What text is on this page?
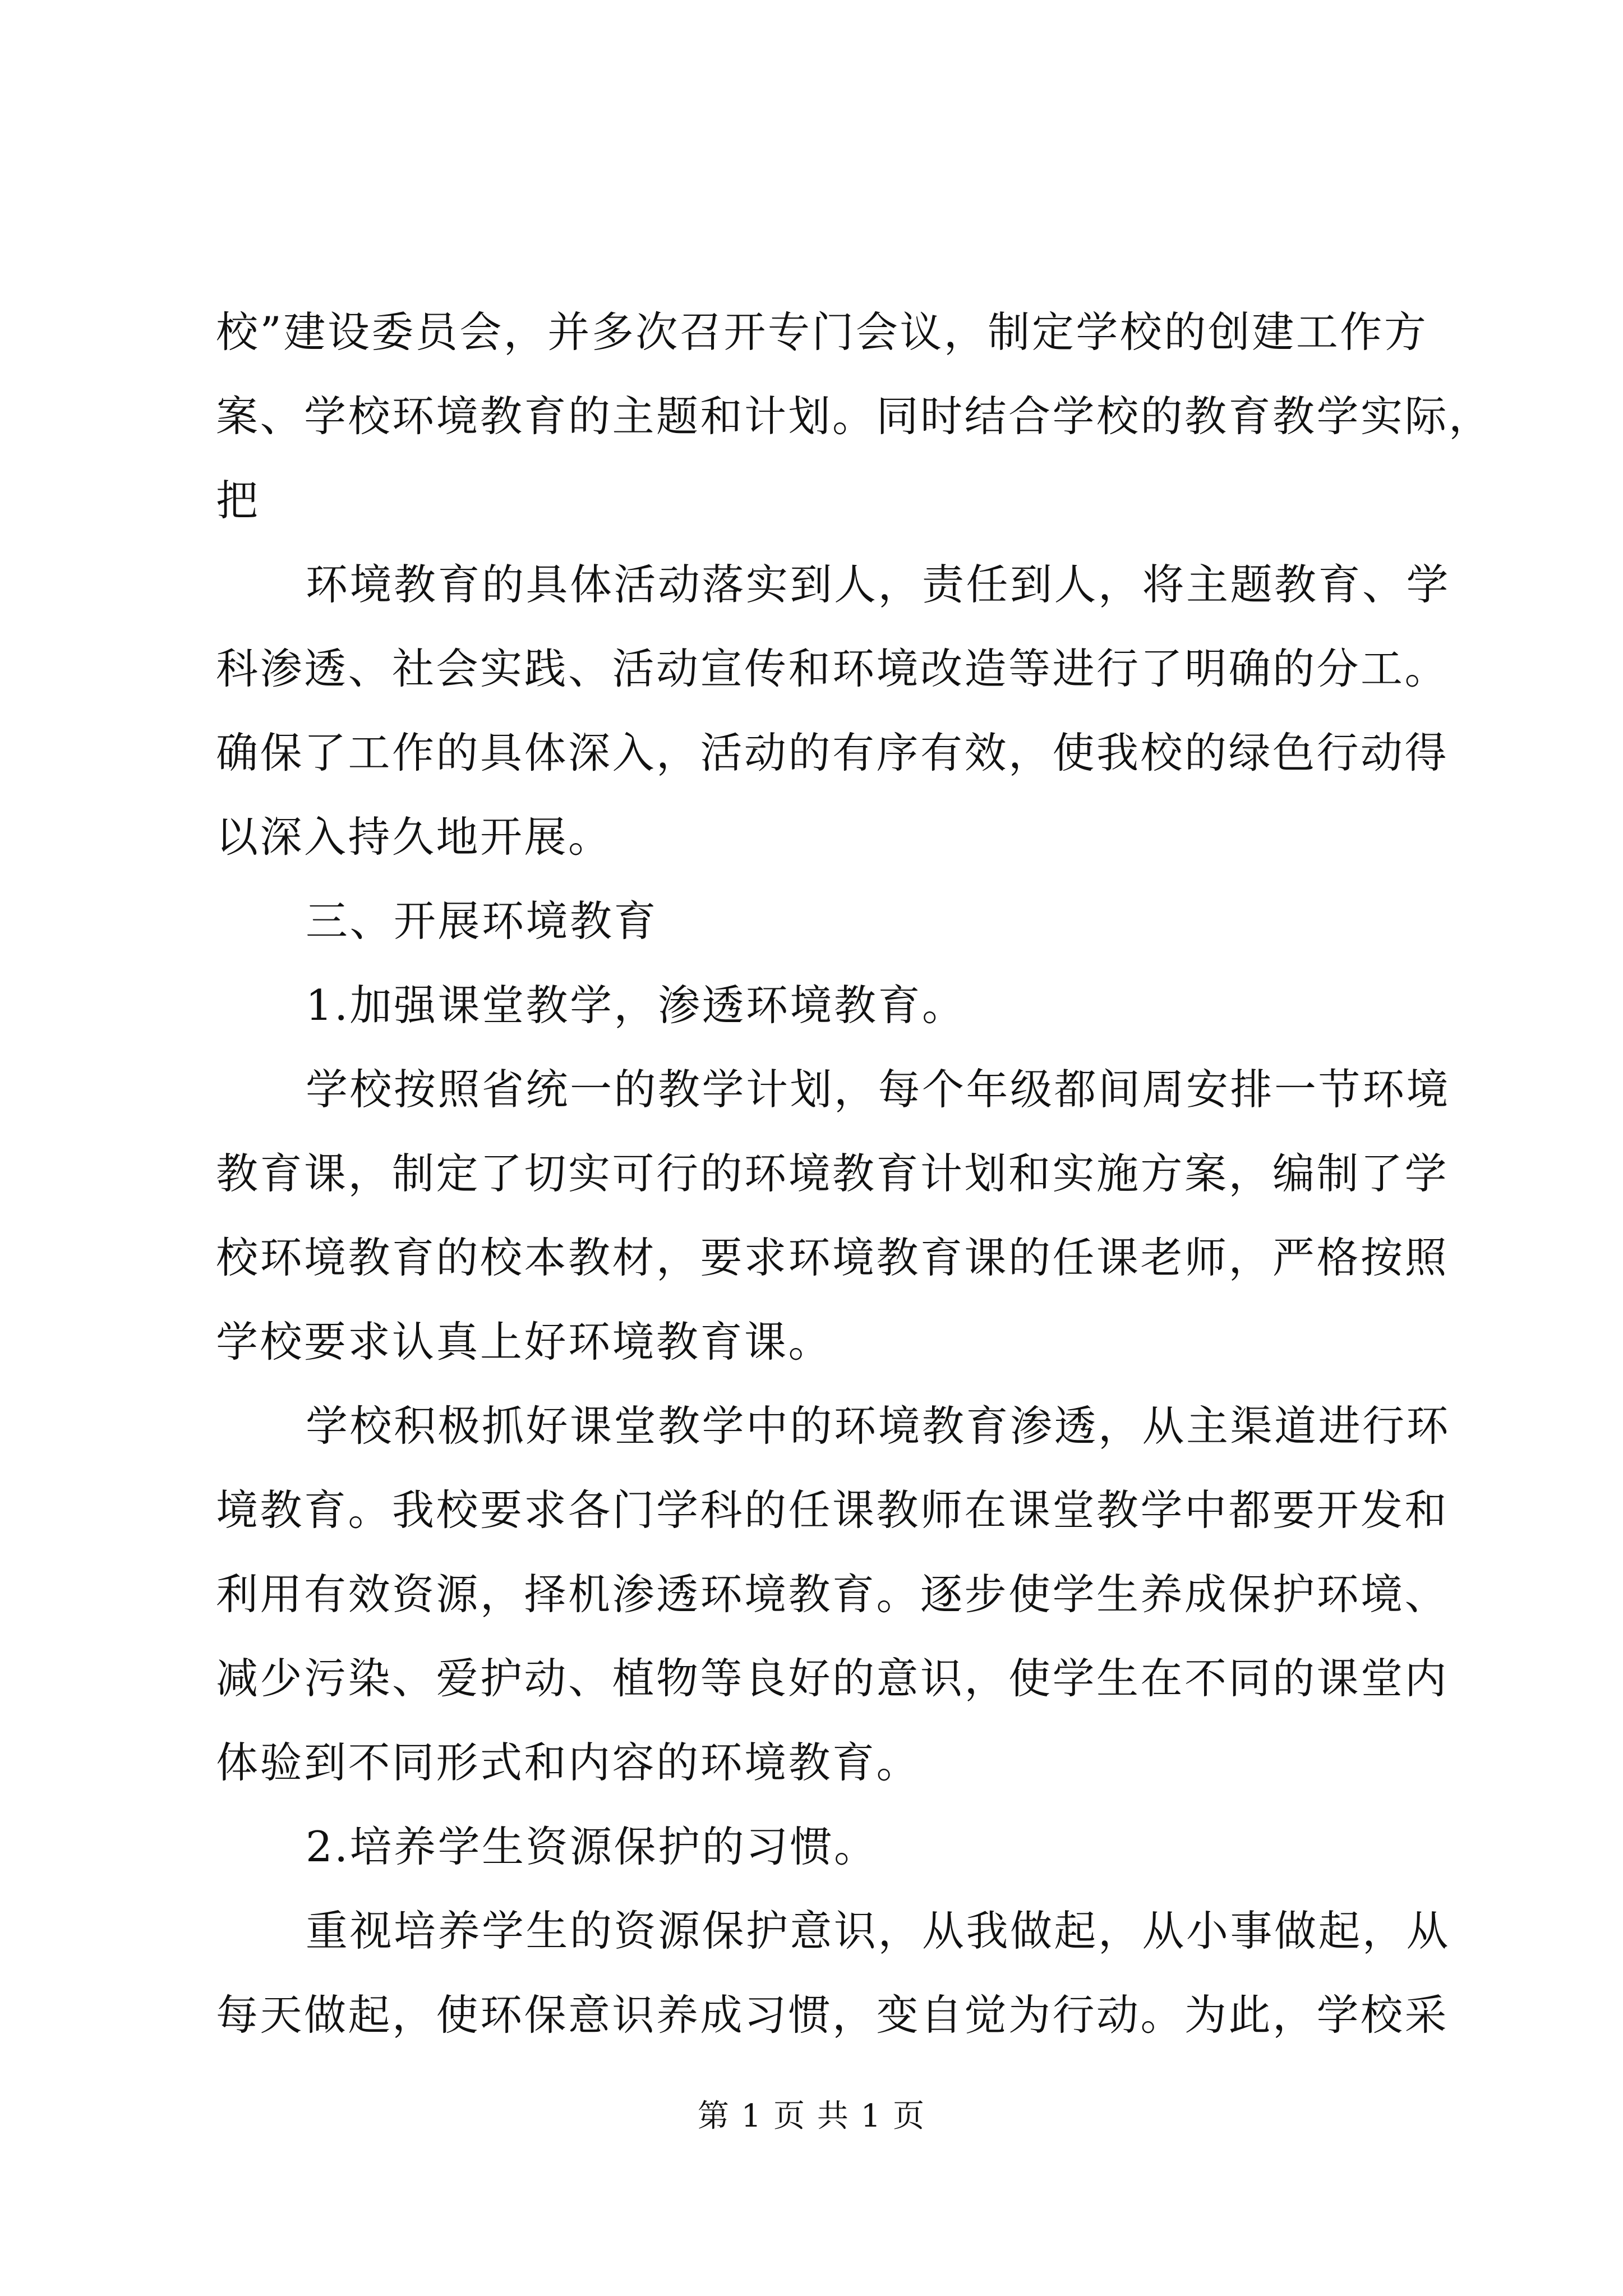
校”建设委员会，并多次召开专门会议，制定学校的创建工作方
案、学校环境教育的主题和计划。同时结合学校的教育教学实际，
把
环境教育的具体活动落实到人，责任到人，将主题教育、学
科渗透、社会实践、活动宣传和环境改造等进行了明确的分工。
确保了工作的具体深入，活动的有序有效，使我校的绿色行动得
以深入持久地开展。
三、开展环境教育
1.加强课堂教学，渗透环境教育。
学校按照省统一的教学计划，每个年级都间周安排一节环境
教育课，制定了切实可行的环境教育计划和实施方案，编制了学
校环境教育的校本教材，要求环境教育课的任课老师，严格按照
学校要求认真上好环境教育课。
学校积极抓好课堂教学中的环境教育渗透，从主渠道进行环
境教育。我校要求各门学科的任课教师在课堂教学中都要开发和
利用有效资源，择机渗透环境教育。逐步使学生养成保护环境、
减少污染、爱护动、植物等良好的意识，使学生在不同的课堂内
体验到不同形式和内容的环境教育。
2.培养学生资源保护的习惯。
重视培养学生的资源保护意识，从我做起，从小事做起，从
每天做起，使环保意识养成习惯，变自觉为行动。为此，学校采
第 1 页 共 1 页
